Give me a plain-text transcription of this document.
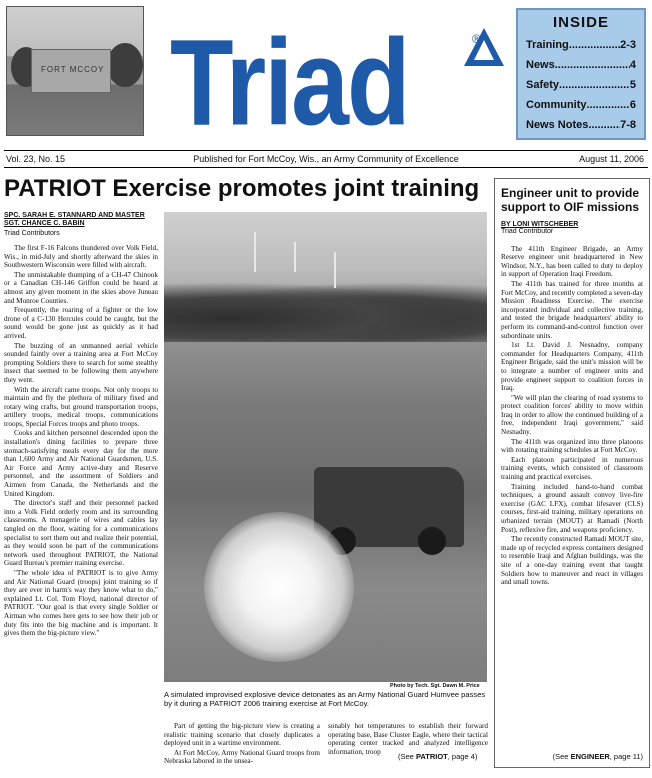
FORT MCCOY Triad	®
INSIDE
Training .....	2-3
News .....	4
Safety .....	5
Community .....	6
News Notes .....	7-8
Vol. 23, No. 15	Published for Fort McCoy, Wis., an Army Community of Excellence	August 11, 2006
PATRIOT Exercise promotes joint training
SPC. SARAH E. STANNARD AND MASTER SGT. CHANCE C. BABIN
Triad Contributors

The first F-16 Falcons thundered over Volk Field, Wis., in mid-July and shortly afterward the skies in Southwestern Wisconsin were filled with aircraft.

The unmistakable thumping of a CH-47 Chinook or a Canadian CH-146 Griffon could be heard at almost any given moment in the skies above Juneau and Monroe Counties.

Frequently, the roaring of a fighter or the low drone of a C-130 Hercules could be caught, but the sound would be gone just as quickly as it had arrived.

The buzzing of an unmanned aerial vehicle sounded faintly over a training area at Fort McCoy prompting Soldiers there to search for some stealthy insect that seemed to be following them anywhere they went.

With the aircraft came troops. Not only troops to maintain and fly the plethora of military fixed and rotary wing crafts, but ground transportation troops, artillery troops, medical troops, communications troops, Special Forces troops and photo troops.

Cooks and kitchen personnel descended upon the installation's dining facilities to prepare three stomach-satisfying meals every day for the more than 1,600 Army and Air National Guardsmen, U.S. Air Force and Army active-duty and Reserve personnel, and the assortment of Soldiers and Airmen from Canada, the Netherlands and the United Kingdom.

The director's staff and their personnel packed into a Volk Field orderly room and its surrounding classrooms. A menagerie of wires and cables lay tangled on the floor, waiting for a communications specialist to sort them out and realize their potential, as they would soon be part of the communications network used throughout PATRIOT, the National Guard Bureau's premier training exercise.

"The whole idea of PATRIOT is to give Army and Air National Guard (troops) joint training so if they are ever in harm's way they know what to do," explained Lt. Col. Tom Floyd, national director of PATRIOT. "Our goal is that every single Soldier or Airman who comes here gets to see how their job or duty fits into the big machine and is important. It gives them the big-picture view."

Photo by Tech. Sgt. Dawn M. Price
A simulated improvised explosive device detonates as an Army National Guard Humvee passes by it during a PATRIOT 2006 training exercise at Fort McCoy.

Part of getting the big-picture view is creating a realistic training scenario that closely duplicates a deployed unit in a wartime environment.

At Fort McCoy, Army National Guard troops from Nebraska labored in the unsea-

sonably hot temperatures to establish their forward operating base, Base Cluster Eagle, where their tactical operating center tracked and analyzed intelligence information, troop

(See PATRIOT, page 4)
Engineer unit to provide support to OIF missions
BY LONI WITSCHEBER
Triad Contributor

The 411th Engineer Brigade, an Army Reserve engineer unit headquartered in New Windsor, N.Y., has been called to duty to deploy in support of Operation Iraqi Freedom.

The 411th has trained for three months at Fort McCoy, and recently completed a seven-day Mission Readiness Exercise. The exercise incorporated individual and collective training, and tested the brigade headquarters' ability to perform its command-and-control function over subordinate units.

1st Lt. David J. Nesnadny, company commander for Headquarters Company, 411th Engineer Brigade, said the unit's mission will be to integrate a number of engineer units and provide engineer support to coalition forces in Iraq.

"We will plan the clearing of road systems to protect coalition forces' ability to move within Iraq in order to allow the continued building of a free, independent Iraqi government," said Nesnadny.

The 411th was organized into three platoons with rotating training schedules at Fort McCoy.

Each platoon participated in numerous training events, which consisted of classroom training and practical exercises.

Training included hand-to-hand combat techniques, a ground assault convoy live-fire exercise (GAC LFX), combat lifesaver (CLS) courses, first-aid training, military operations on urbanized terrain (MOUT) at Ramadi (North Post), reflexive fire, and weapons proficiency.

The recently constructed Ramadi MOUT site, made up of recycled express containers designed to resemble Iraqi and Afghan buildings, was the site of a one-day training event that taught Soldiers how to maneuver and react in villages and small towns.

(See ENGINEER, page 11)
